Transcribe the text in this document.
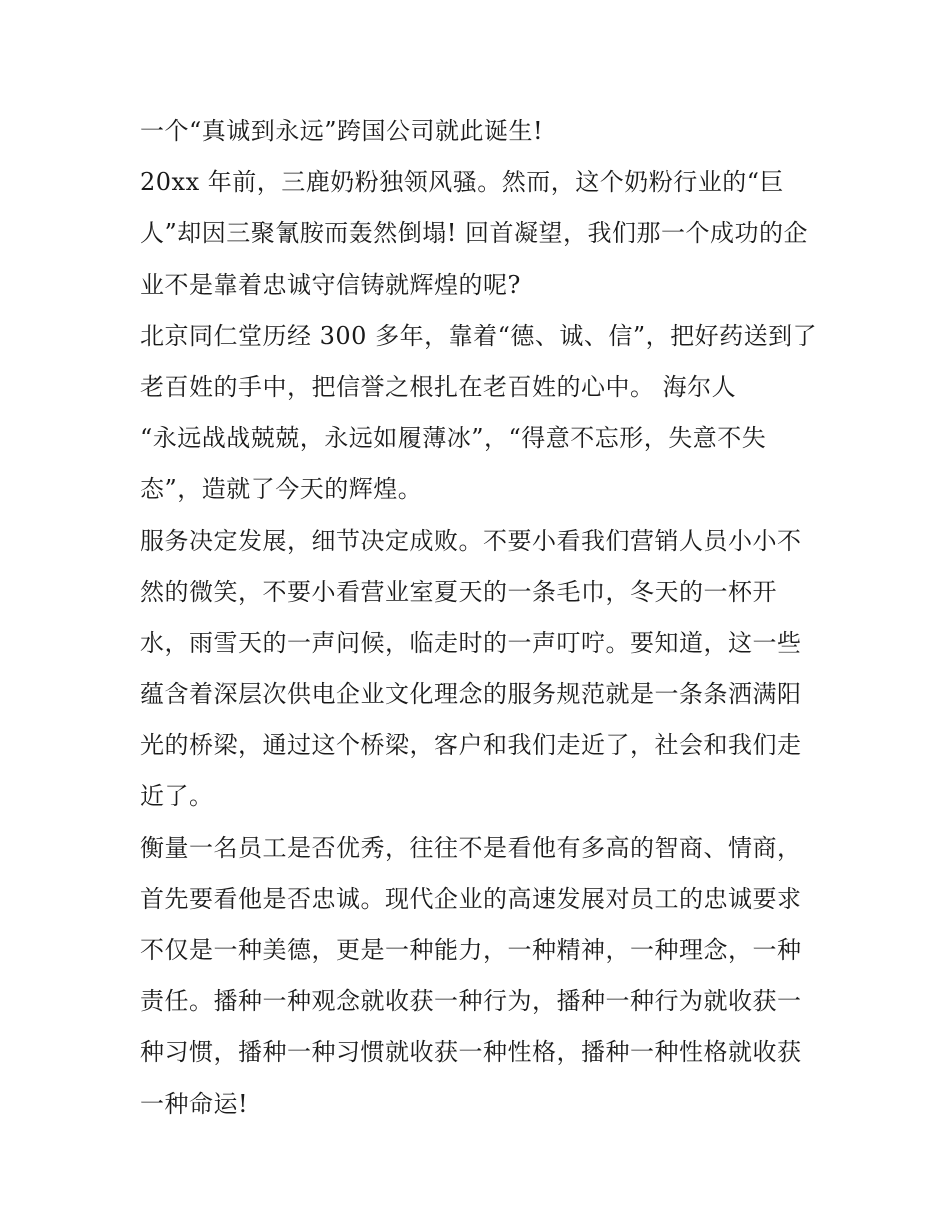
一个“真诚到永远”跨国公司就此诞生!
20xx 年前，三鹿奶粉独领风骚。然而，这个奶粉行业的“巨
人”却因三聚氰胺而轰然倒塌! 回首凝望，我们那一个成功的企
业不是靠着忠诚守信铸就辉煌的呢?
北京同仁堂历经 300 多年，靠着“德、诚、信”，把好药送到了
老百姓的手中，把信誉之根扎在老百姓的心中。 海尔人
“永远战战兢兢，永远如履薄冰”，“得意不忘形，失意不失
态”，造就了今天的辉煌。
服务决定发展，细节决定成败。不要小看我们营销人员小小不
然的微笑，不要小看营业室夏天的一条毛巾，冬天的一杯开
水，雨雪天的一声问候，临走时的一声叮咛。要知道，这一些
蕴含着深层次供电企业文化理念的服务规范就是一条条洒满阳
光的桥梁，通过这个桥梁，客户和我们走近了，社会和我们走
近了。
衡量一名员工是否优秀，往往不是看他有多高的智商、情商，
首先要看他是否忠诚。现代企业的高速发展对员工的忠诚要求
不仅是一种美德，更是一种能力，一种精神，一种理念，一种
责任。播种一种观念就收获一种行为，播种一种行为就收获一
种习惯，播种一种习惯就收获一种性格，播种一种性格就收获
一种命运!
